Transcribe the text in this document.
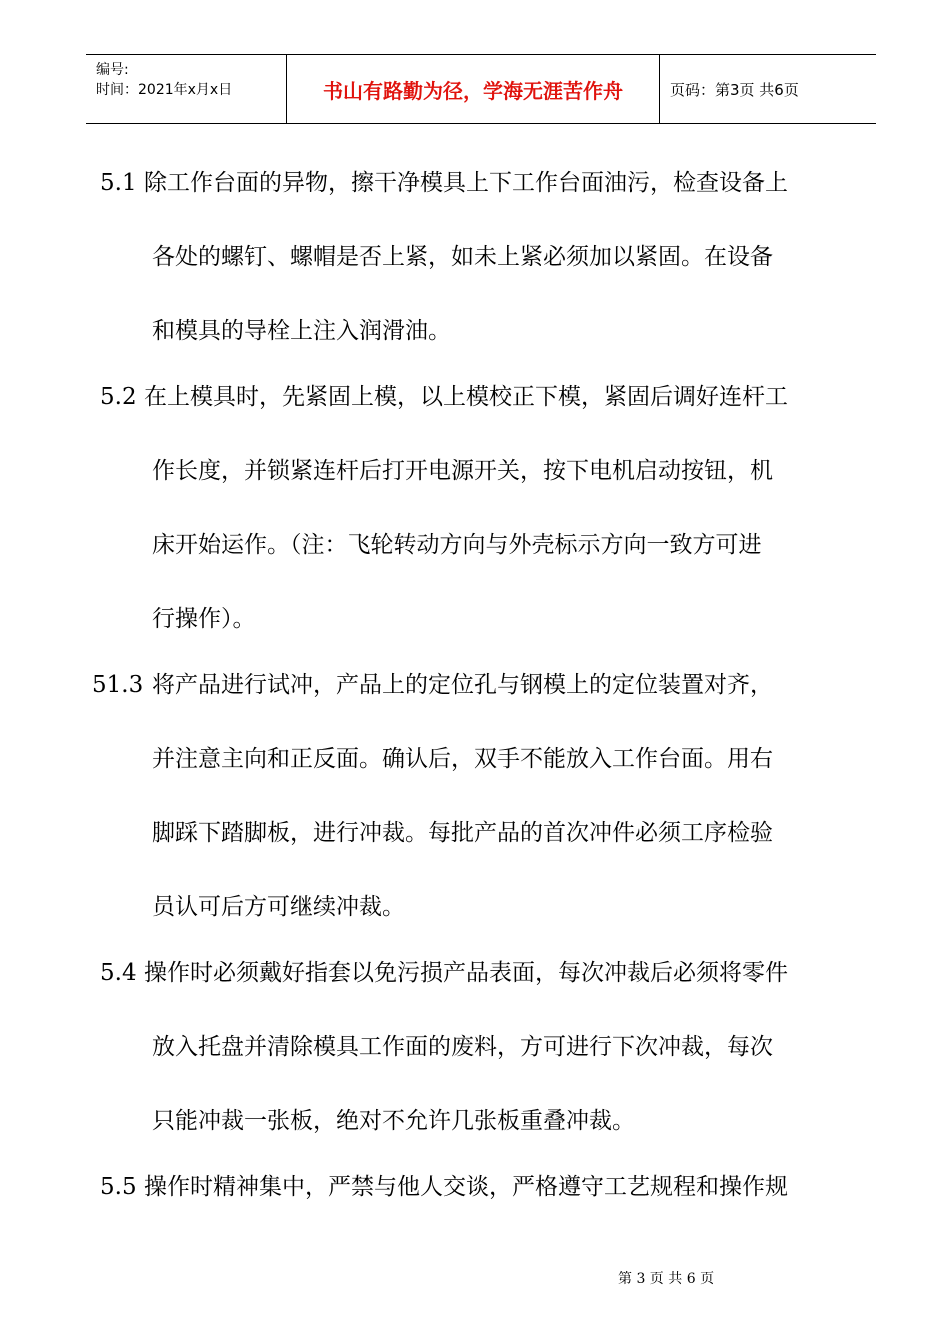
编号:
时间：2021年x月x日	书山有路勤为径，学海无涯苦作舟	页码：第3页 共6页
5.1 除工作台面的异物，擦干净模具上下工作台面油污，检查设备上
各处的螺钉、螺帽是否上紧，如未上紧必须加以紧固。在设备
和模具的导栓上注入润滑油。
5.2 在上模具时，先紧固上模，以上模校正下模，紧固后调好连杆工
作长度，并锁紧连杆后打开电源开关，按下电机启动按钮，机
床开始运作。（注：飞轮转动方向与外壳标示方向一致方可进
行操作）。
51.3 将产品进行试冲，产品上的定位孔与钢模上的定位装置对齐，
并注意主向和正反面。确认后，双手不能放入工作台面。用右
脚踩下踏脚板，进行冲裁。每批产品的首次冲件必须工序检验
员认可后方可继续冲裁。
5.4 操作时必须戴好指套以免污损产品表面，每次冲裁后必须将零件
放入托盘并清除模具工作面的废料，方可进行下次冲裁，每次
只能冲裁一张板，绝对不允许几张板重叠冲裁。
5.5 操作时精神集中，严禁与他人交谈，严格遵守工艺规程和操作规
第 3 页 共 6 页
